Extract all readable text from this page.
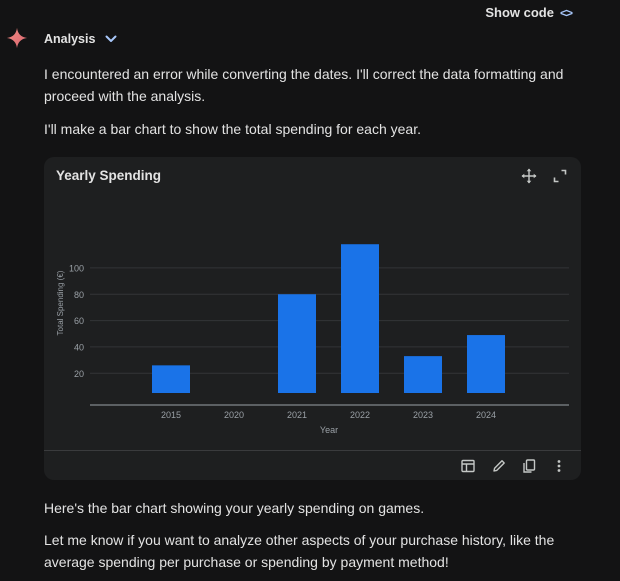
Show code <>
Analysis

I encountered an error while converting the dates. I'll correct the data formatting and proceed with the analysis.

I'll make a bar chart to show the total spending for each year.

20
40
60
80
100
2015	2020	2021	2022	2023	2024
Year
Total Spending (€)
Yearly Spending

Here's the bar chart showing your yearly spending on games.

Let me know if you want to analyze other aspects of your purchase history, like the average spending per purchase or spending by payment method!
